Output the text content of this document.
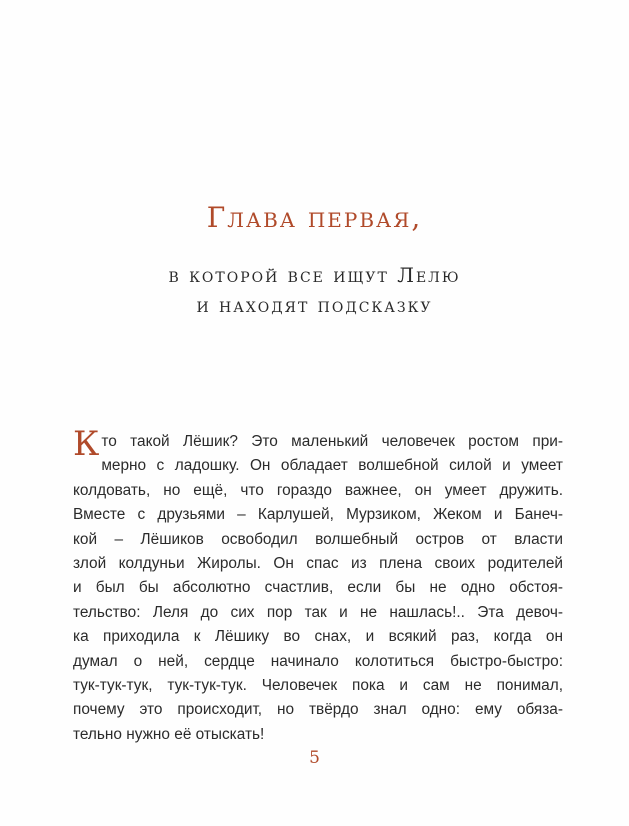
Глава первая,
в которой все ищут Лелю
и находят подсказку
Кто такой Лёшик? Это маленький человечек ростом при-
мерно с ладошку. Он обладает волшебной силой и умеет
колдовать, но ещё, что гораздо важнее, он умеет дружить.
Вместе с друзьями – Карлушей, Мурзиком, Жеком и Банеч-
кой – Лёшиков освободил волшебный остров от власти
злой колдуньи Жиролы. Он спас из плена своих родителей
и был бы абсолютно счастлив, если бы не одно обстоя-
тельство: Леля до сих пор так и не нашлась!.. Эта девоч-
ка приходила к Лёшику во снах, и всякий раз, когда он
думал о ней, сердце начинало колотиться быстро-быстро:
тук-тук-тук, тук-тук-тук. Человечек пока и сам не понимал,
почему это происходит, но твёрдо знал одно: ему обяза-
тельно нужно её отыскать!
5
